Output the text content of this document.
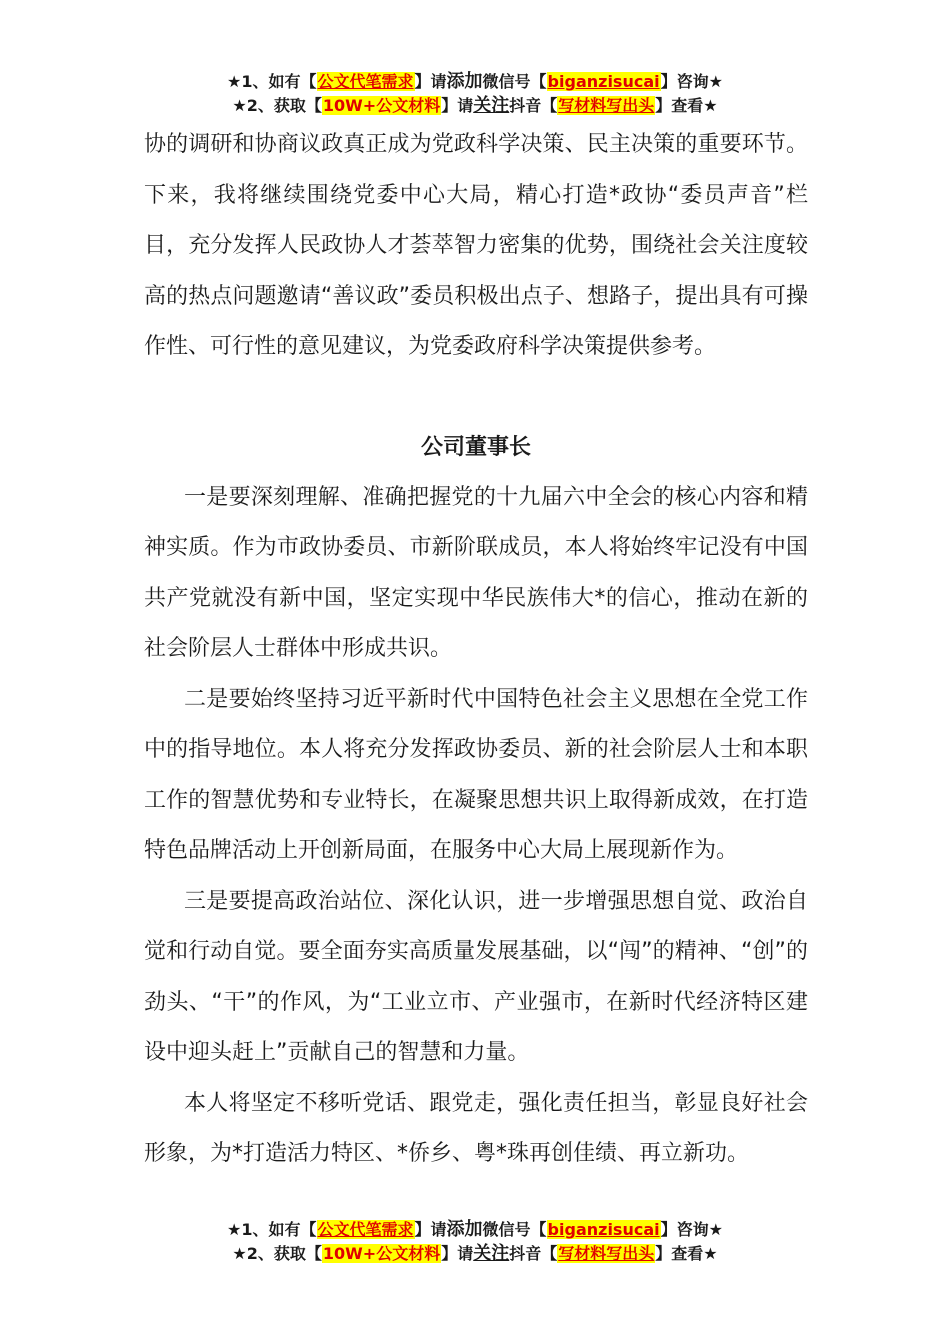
★1、如有【公文代笔需求】请添加微信号【biganzisucai】咨询★
★2、获取【10W+公文材料】请关注抖音【写材料写出头】查看★

协的调研和协商议政真正成为党政科学决策、民主决策的重要环节。下来，我将继续围绕党委中心大局，精心打造*政协“委员声音”栏目，充分发挥人民政协人才荟萃智力密集的优势，围绕社会关注度较高的热点问题邀请“善议政”委员积极出点子、想路子，提出具有可操作性、可行性的意见建议，为党委政府科学决策提供参考。

公司董事长

一是要深刻理解、准确把握党的十九届六中全会的核心内容和精神实质。作为市政协委员、市新阶联成员，本人将始终牢记没有中国共产党就没有新中国，坚定实现中华民族伟大*的信心，推动在新的社会阶层人士群体中形成共识。

二是要始终坚持习近平新时代中国特色社会主义思想在全党工作中的指导地位。本人将充分发挥政协委员、新的社会阶层人士和本职工作的智慧优势和专业特长，在凝聚思想共识上取得新成效，在打造特色品牌活动上开创新局面，在服务中心大局上展现新作为。

三是要提高政治站位、深化认识，进一步增强思想自觉、政治自觉和行动自觉。要全面夯实高质量发展基础，以“闯”的精神、“创”的劲头、“干”的作风，为“工业立市、产业强市，在新时代经济特区建设中迎头赶上”贡献自己的智慧和力量。

本人将坚定不移听党话、跟党走，强化责任担当，彰显良好社会形象，为*打造活力特区、*侨乡、粤*珠再创佳绩、再立新功。

★1、如有【公文代笔需求】请添加微信号【biganzisucai】咨询★
★2、获取【10W+公文材料】请关注抖音【写材料写出头】查看★
